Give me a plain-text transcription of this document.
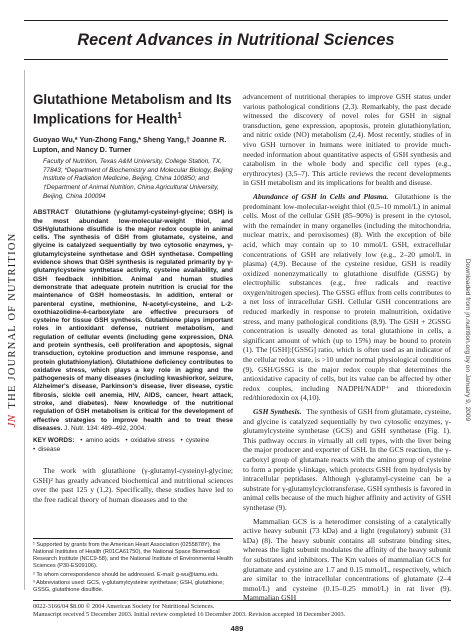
Recent Advances in Nutritional Sciences
JN
THE JOURNAL OF NUTRITION	Downloaded from jn.nutrition.org by on January 9, 2009
Glutathione Metabolism and Its Implications for Health$^1$

Guoyao Wu,* Yun-Zhong Fang,* Sheng Yang,† Joanne R. Lupton, and Nancy D. Turner

Faculty of Nutrition, Texas A&M University, College Station, TX, 77843; *Department of Biochemistry and Molecular Biology, Beijing Institute of Radiation Medicine, Beijing, China 100850; and †Department of Animal Nutrition, China Agricultural University, Beijing, China 100094

ABSTRACT Glutathione (γ-glutamyl-cysteinyl-glycine; GSH) is the most abundant low-molecular-weight thiol, and GSH/glutathione disulfide is the major redox couple in animal cells. The synthesis of GSH from glutamate, cysteine, and glycine is catalyzed sequentially by two cytosolic enzymes, γ-glutamylcysteine synthetase and GSH synthetase. Compelling evidence shows that GSH synthesis is regulated primarily by γ-glutamylcysteine synthetase activity, cysteine availability, and GSH feedback inhibition. Animal and human studies demonstrate that adequate protein nutrition is crucial for the maintenance of GSH homeostasis. In addition, enteral or parenteral cystine, methionine, N-acetyl-cysteine, and L-2-oxothiazolidine-4-carboxylate are effective precursors of cysteine for tissue GSH synthesis. Glutathione plays important roles in antioxidant defense, nutrient metabolism, and regulation of cellular events (including gene expression, DNA and protein synthesis, cell proliferation and apoptosis, signal transduction, cytokine production and immune response, and protein glutathionylation). Glutathione deficiency contributes to oxidative stress, which plays a key role in aging and the pathogenesis of many diseases (including kwashiorkor, seizure, Alzheimer's disease, Parkinson's disease, liver disease, cystic fibrosis, sickle cell anemia, HIV, AIDS, cancer, heart attack, stroke, and diabetes). New knowledge of the nutritional regulation of GSH metabolism is critical for the development of effective strategies to improve health and to treat these diseases. J. Nutr. 134: 489–492, 2004.

KEY WORDS: • amino acids • oxidative stress • cysteine • disease

The work with glutathione (γ-glutamyl-cysteinyl-glycine; GSH)² has greatly advanced biochemical and nutritional sciences over the past 125 y (1,2). Specifically, these studies have led to the free radical theory of human diseases and to the

¹ Supported by grants from the American Heart Association (0255878Y), the National Institutes of Health (R01CA61750), the National Space Biomedical Research Institute (NCC9-58), and the National Institute of Environmental Health Sciences (P30-ES09106).

² To whom correspondence should be addressed. E-mail: g-wu@tamu.edu.

³ Abbreviations used: GCS, γ-glutamylcysteine synthetase; GSH, glutathione; GSSG, glutathione disulfide.

advancement of nutritional therapies to improve GSH status under various pathological conditions (2,3). Remarkably, the past decade witnessed the discovery of novel roles for GSH in signal transduction, gene expression, apoptosis, protein glutathionylation, and nitric oxide (NO) metabolism (2,4). Most recently, studies of in vivo GSH turnover in humans were initiated to provide much-needed information about quantitative aspects of GSH synthesis and catabolism in the whole body and specific cell types (e.g., erythrocytes) (3,5–7). This article reviews the recent developments in GSH metabolism and its implications for health and disease.

Abundance of GSH in Cells and Plasma. Glutathione is the predominant low-molecular-weight thiol (0.5–10 mmol/L) in animal cells. Most of the cellular GSH (85–90%) is present in the cytosol, with the remainder in many organelles (including the mitochondria, nuclear matrix, and peroxisomes) (8). With the exception of bile acid, which may contain up to 10 mmol/L GSH, extracellular concentrations of GSH are relatively low (e.g., 2–20 μmol/L in plasma) (4,9). Because of the cysteine residue, GSH is readily oxidized nonenzymatically to glutathione disulfide (GSSG) by electrophilic substances (e.g., free radicals and reactive oxygen/nitrogen species). The GSSG efflux from cells contributes to a net loss of intracellular GSH. Cellular GSH concentrations are reduced markedly in response to protein malnutrition, oxidative stress, and many pathological conditions (8,9). The GSH + 2GSSG concentration is usually denoted as total glutathione in cells, a significant amount of which (up to 15%) may be bound to protein (1). The [GSH]:[GSSG] ratio, which is often used as an indicator of the cellular redox state, is >10 under normal physiological conditions (9). GSH/GSSG is the major redox couple that determines the antioxidative capacity of cells, but its value can be affected by other redox couples, including NADPH/NADP⁺ and thioredoxin red/thioredoxin ox (4,10).

GSH Synthesis. The synthesis of GSH from glutamate, cysteine, and glycine is catalyzed sequentially by two cytosolic enzymes, γ-glutamylcysteine synthetase (GCS) and GSH synthetase (Fig. 1). This pathway occurs in virtually all cell types, with the liver being the major producer and exporter of GSH. In the GCS reaction, the γ-carboxyl group of glutamate reacts with the amino group of cysteine to form a peptide γ-linkage, which protects GSH from hydrolysis by intracellular peptidases. Although γ-glutamyl-cysteine can be a substrate for γ-glutamylcyclotransferase, GSH synthesis is favored in animal cells because of the much higher affinity and activity of GSH synthetase (9).

Mammalian GCS is a heterodimer consisting of a catalytically active heavy subunit (73 kDa) and a light (regulatory) subunit (31 kDa) (8). The heavy subunit contains all substrate binding sites, whereas the light subunit modulates the affinity of the heavy subunit for substrates and inhibitors. The Km values of mammalian GCS for glutamate and cysteine are 1.7 and 0.15 mmol/L, respectively, which are similar to the intracellular concentrations of glutamate (2–4 mmol/L) and cysteine (0.15–0.25 mmol/L) in rat liver (9). Mammalian GSH

0022-3166/04 $8.00 © 2004 American Society for Nutritional Sciences.

Manuscript received 5 December 2003. Initial review completed 16 December 2003. Revision accepted 18 December 2003.

489
